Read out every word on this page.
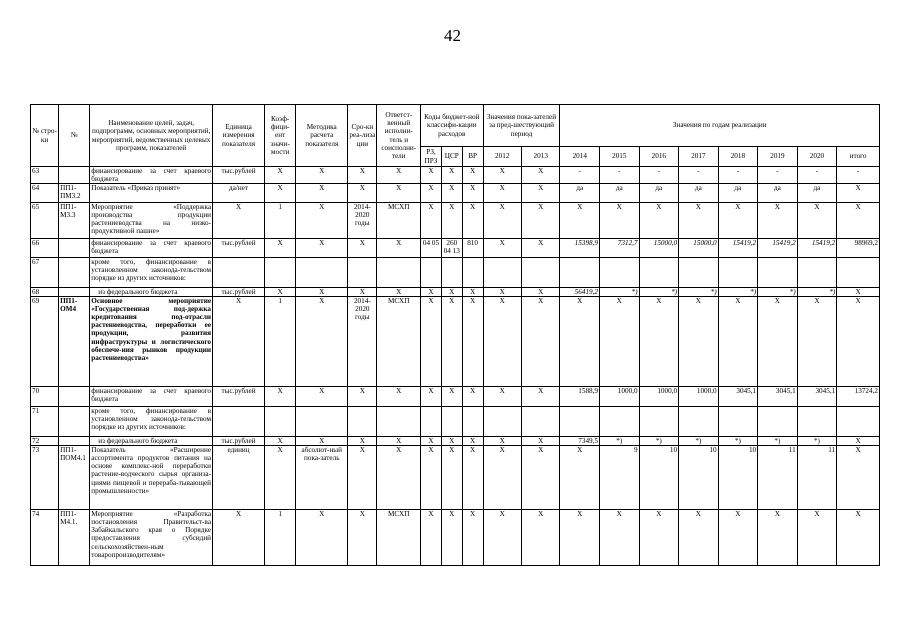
42
№ стро-ки	№	Наименование целей, задач, подпрограмм, основных мероприятий, мероприятий, ведомственных целевых программ, показателей	Единица измерения показателя	Коэф-фици-ент значи-мости	Методика расчета показателя	Сро-ки реа-лиза ции	Ответст-венный исполни-тель и соисполни-тели	Коды бюджет-ной классифи-кации расходов			Значения пока-зателей за пред-шествующий период		Значения по годам реализации							
								РЗ, ПРЗ	ЦСР	ВР	2012	2013	2014	2015	2016	2017	2018	2019	2020	итого
63		финансирование за счет краевого бюджета	тыс.рублей	X	X	X	X	X	X	X	X	X	-	-	-	-	-	-	-	-
64	ПП1-ПМ3.2	Показатель «Приказ принят»	да/нет	X	X	X	X	X	X	X	X	X	да	да	да	да	да	да	да	X
65	ПП1-М3.3	Мероприятие «Поддержка производства продукции растениеводства на низко-продуктивной пашне»	X	1	X	2014-2020 годы	МСХП	X	X	X	X	X	X	X	X	X	X	X	X	X
66		финансирование за счет краевого бюджета	тыс.рублей	X	X	X	X	04 05	260 04 13	810	X	X	15398,9	7312,7	15000,0	15000,0	15419,2	15419,2	15419,2	98969,2
67		кроме того, финансирование в установленном законода-тельством порядке из других источников:																		
68		из федерального бюджета	тыс.рублей	X	X	X	X	X	X	X	X	X	56419,2	*)	*)	*)	*)	*)	*)	X
69	ПП1-ОМ4	Основное мероприятие «Государственная под-держка кредитования под-отрасли растениеводства, переработки ее продукции, развития инфраструктуры и логистического обеспече-ния рынков продукции растениеводства»	X	1	X	2014-2020 годы	МСХП	X	X	X	X	X	X	X	X	X	X	X	X	X
70		финансирование за счет краевого бюджета	тыс.рублей	X	X	X	X	X	X	X	X	X	1588,9	1000,0	1000,0	1000,0	3045,1	3045,1	3045,1	13724,2
71		кроме того, финансирование в установленном законода-тельством порядке из других источников:																		
72		из федерального бюджета	тыс.рублей	X	X	X	X	X	X	X	X	X	7349,5	*)	*)	*)	*)	*)	*)	X
73	ПП1-ПОМ4.1	Показатель «Расширение ассортимента продуктов питания на основе комплекс-ной переработки растение-водческого сырья организа-циями пищевой и перераба-тывающей промышленности»	единиц	X	абсолют-ный пока-затель	X	X	X	X	X	X	X	X	9	10	10	10	11	11	X
74	ПП1-М4.1.	Мероприятие «Разработка постановления Правительст-ва Забайкальского края о Порядке предоставления субсидий сельскохозяйствен-ным товаропроизводителям»	X	1	X	X	МСХП	X	X	X	X	X	X	X	X	X	X	X	X	X
